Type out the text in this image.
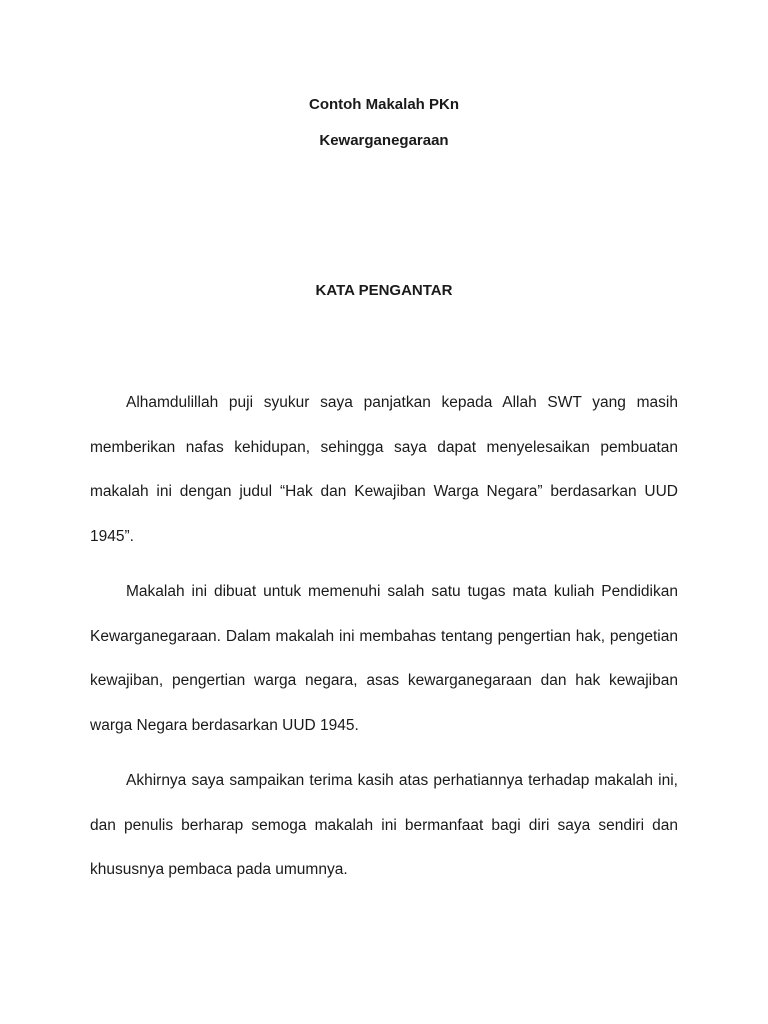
Contoh Makalah PKn
Kewarganegaraan
KATA PENGANTAR

Alhamdulillah puji syukur saya panjatkan kepada Allah SWT yang masih memberikan nafas kehidupan, sehingga saya dapat menyelesaikan pembuatan makalah ini dengan judul “Hak dan Kewajiban Warga Negara” berdasarkan UUD 1945”.

Makalah ini dibuat untuk memenuhi salah satu tugas mata kuliah Pendidikan Kewarganegaraan. Dalam makalah ini membahas tentang pengertian hak, pengetian kewajiban, pengertian warga negara, asas kewarganegaraan dan hak kewajiban warga Negara berdasarkan UUD 1945.

Akhirnya saya sampaikan terima kasih atas perhatiannya terhadap makalah ini, dan penulis berharap semoga makalah ini bermanfaat bagi diri saya sendiri dan khususnya pembaca pada umumnya.
